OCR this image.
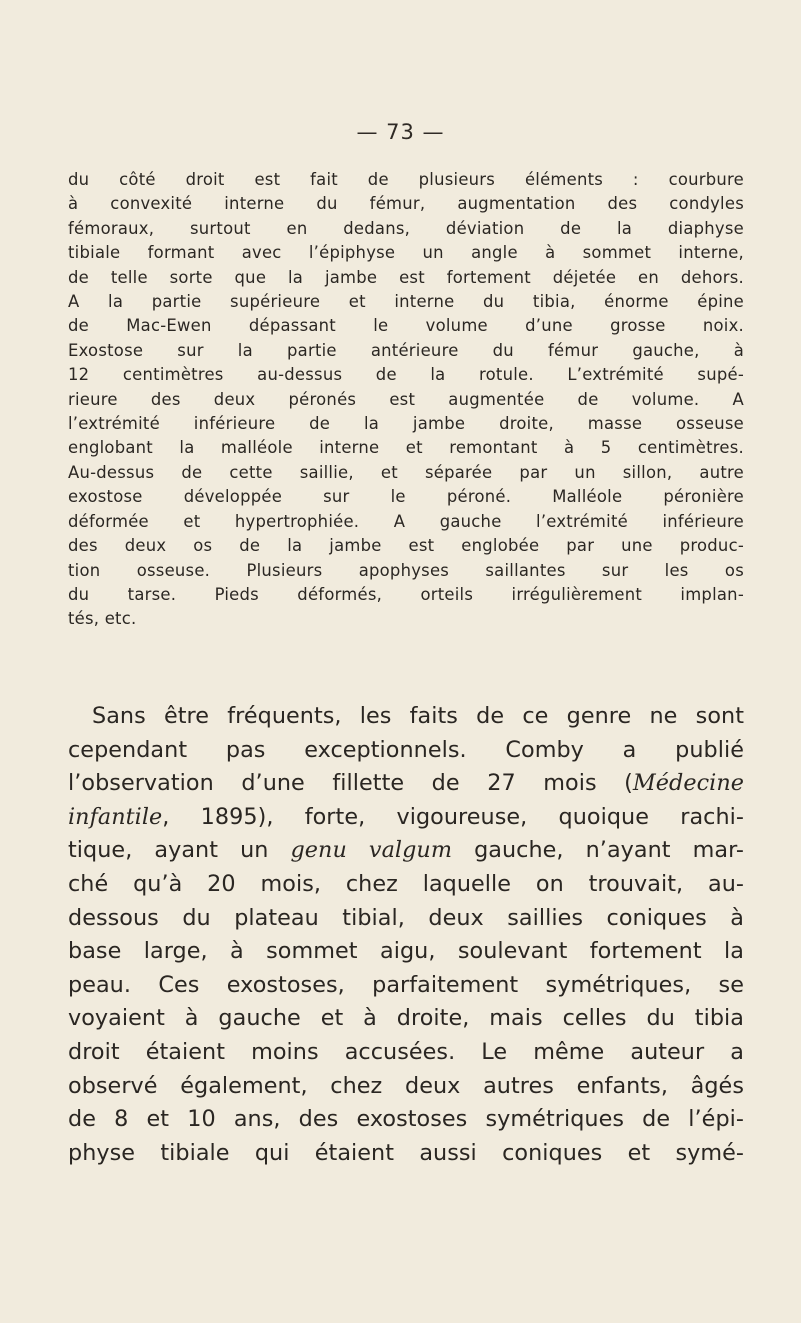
— 73 —
du côté droit est fait de plusieurs éléments : courbure
à convexité interne du fémur, augmentation des condyles
fémoraux, surtout en dedans, déviation de la diaphyse
tibiale formant avec l’épiphyse un angle à sommet interne,
de telle sorte que la jambe est fortement déjetée en dehors.
A la partie supérieure et interne du tibia, énorme épine
de Mac-Ewen dépassant le volume d’une grosse noix.
Exostose sur la partie antérieure du fémur gauche, à
12 centimètres au-dessus de la rotule. L’extrémité supé-
rieure des deux péronés est augmentée de volume. A
l’extrémité inférieure de la jambe droite, masse osseuse
englobant la malléole interne et remontant à 5 centimètres.
Au-dessus de cette saillie, et séparée par un sillon, autre
exostose développée sur le péroné. Malléole péronière
déformée et hypertrophiée. A gauche l’extrémité inférieure
des deux os de la jambe est englobée par une produc-
tion osseuse. Plusieurs apophyses saillantes sur les os
du tarse. Pieds déformés, orteils irrégulièrement implan-
tés, etc.
Sans être fréquents, les faits de ce genre ne sont
cependant pas exceptionnels. Comby a publié
l’observation d’une fillette de 27 mois (Médecine
infantile, 1895), forte, vigoureuse, quoique rachi-
tique, ayant un genu valgum gauche, n’ayant mar-
ché qu’à 20 mois, chez laquelle on trouvait, au-
dessous du plateau tibial, deux saillies coniques à
base large, à sommet aigu, soulevant fortement la
peau. Ces exostoses, parfaitement symétriques, se
voyaient à gauche et à droite, mais celles du tibia
droit étaient moins accusées. Le même auteur a
observé également, chez deux autres enfants, âgés
de 8 et 10 ans, des exostoses symétriques de l’épi-
physe tibiale qui étaient aussi coniques et symé-
